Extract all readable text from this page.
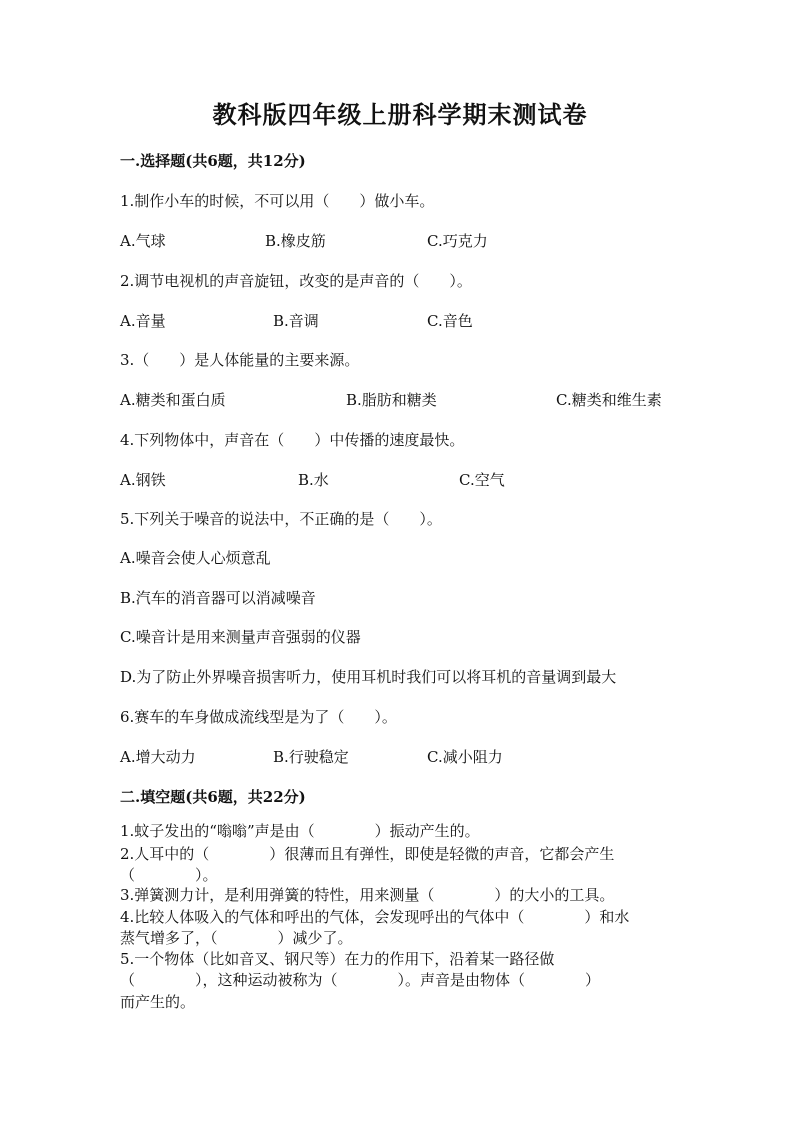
教科版四年级上册科学期末测试卷
一.选择题(共6题，共12分)
1.制作小车的时候，不可以用（　　）做小车。
A.气球	B.橡皮筋	C.巧克力
2.调节电视机的声音旋钮，改变的是声音的（　　）。
A.音量	B.音调	C.音色
3.（　　）是人体能量的主要来源。
A.糖类和蛋白质	B.脂肪和糖类	C.糖类和维生素
4.下列物体中，声音在（　　）中传播的速度最快。
A.钢铁	B.水	C.空气
5.下列关于噪音的说法中，不正确的是（　　）。
A.噪音会使人心烦意乱
B.汽车的消音器可以消减噪音
C.噪音计是用来测量声音强弱的仪器
D.为了防止外界噪音损害听力，使用耳机时我们可以将耳机的音量调到最大
6.赛车的车身做成流线型是为了（　　）。
A.增大动力	B.行驶稳定	C.减小阻力
二.填空题(共6题，共22分)
1.蚊子发出的“嗡嗡”声是由（　　　　）振动产生的。
2.人耳中的（　　　　）很薄而且有弹性，即使是轻微的声音，它都会产生
（　　　　）。
3.弹簧测力计，是利用弹簧的特性，用来测量（　　　　）的大小的工具。
4.比较人体吸入的气体和呼出的气体，会发现呼出的气体中（　　　　）和水
蒸气增多了，（　　　　）减少了。
5.一个物体（比如音叉、钢尺等）在力的作用下，沿着某一路径做
（　　　　），这种运动被称为（　　　　）。声音是由物体（　　　　）
而产生的。
